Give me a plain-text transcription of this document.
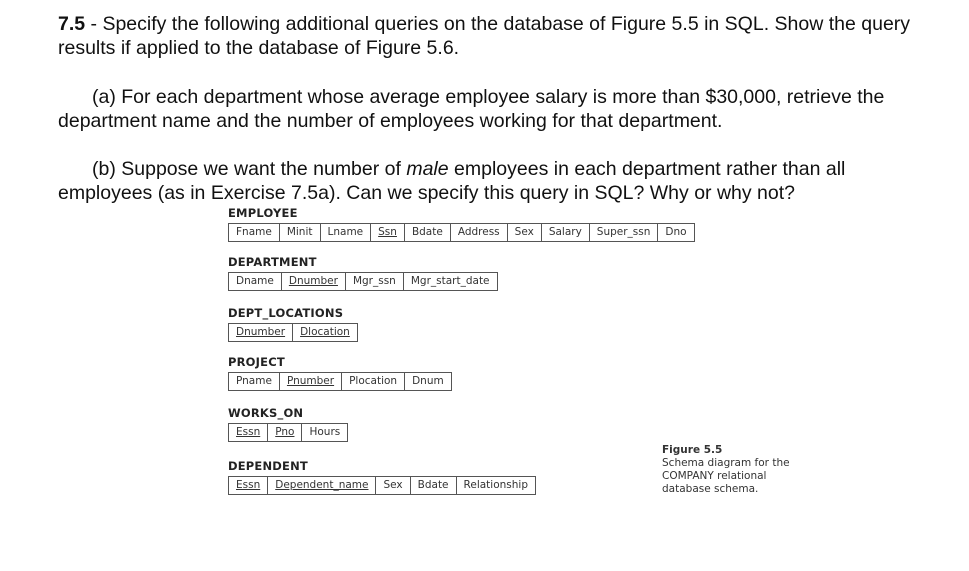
7.5 - Specify the following additional queries on the database of Figure 5.5 in SQL. Show the query results if applied to the database of Figure 5.6.

(a) For each department whose average employee salary is more than $30,000, retrieve the department name and the number of employees working for that department.

(b) Suppose we want the number of male employees in each department rather than all employees (as in Exercise 7.5a). Can we specify this query in SQL? Why or why not?

EMPLOYEE
Fname	Minit	Lname	Ssn	Bdate	Address	Sex	Salary	Super_ssn	Dno
DEPARTMENT
Dname	Dnumber	Mgr_ssn	Mgr_start_date
DEPT_LOCATIONS
Dnumber	Dlocation
PROJECT
Pname	Pnumber	Plocation	Dnum
WORKS_ON
Essn	Pno	Hours
DEPENDENT
Essn	Dependent_name	Sex	Bdate	Relationship
Figure 5.5
Schema diagram for the COMPANY relational database schema.
